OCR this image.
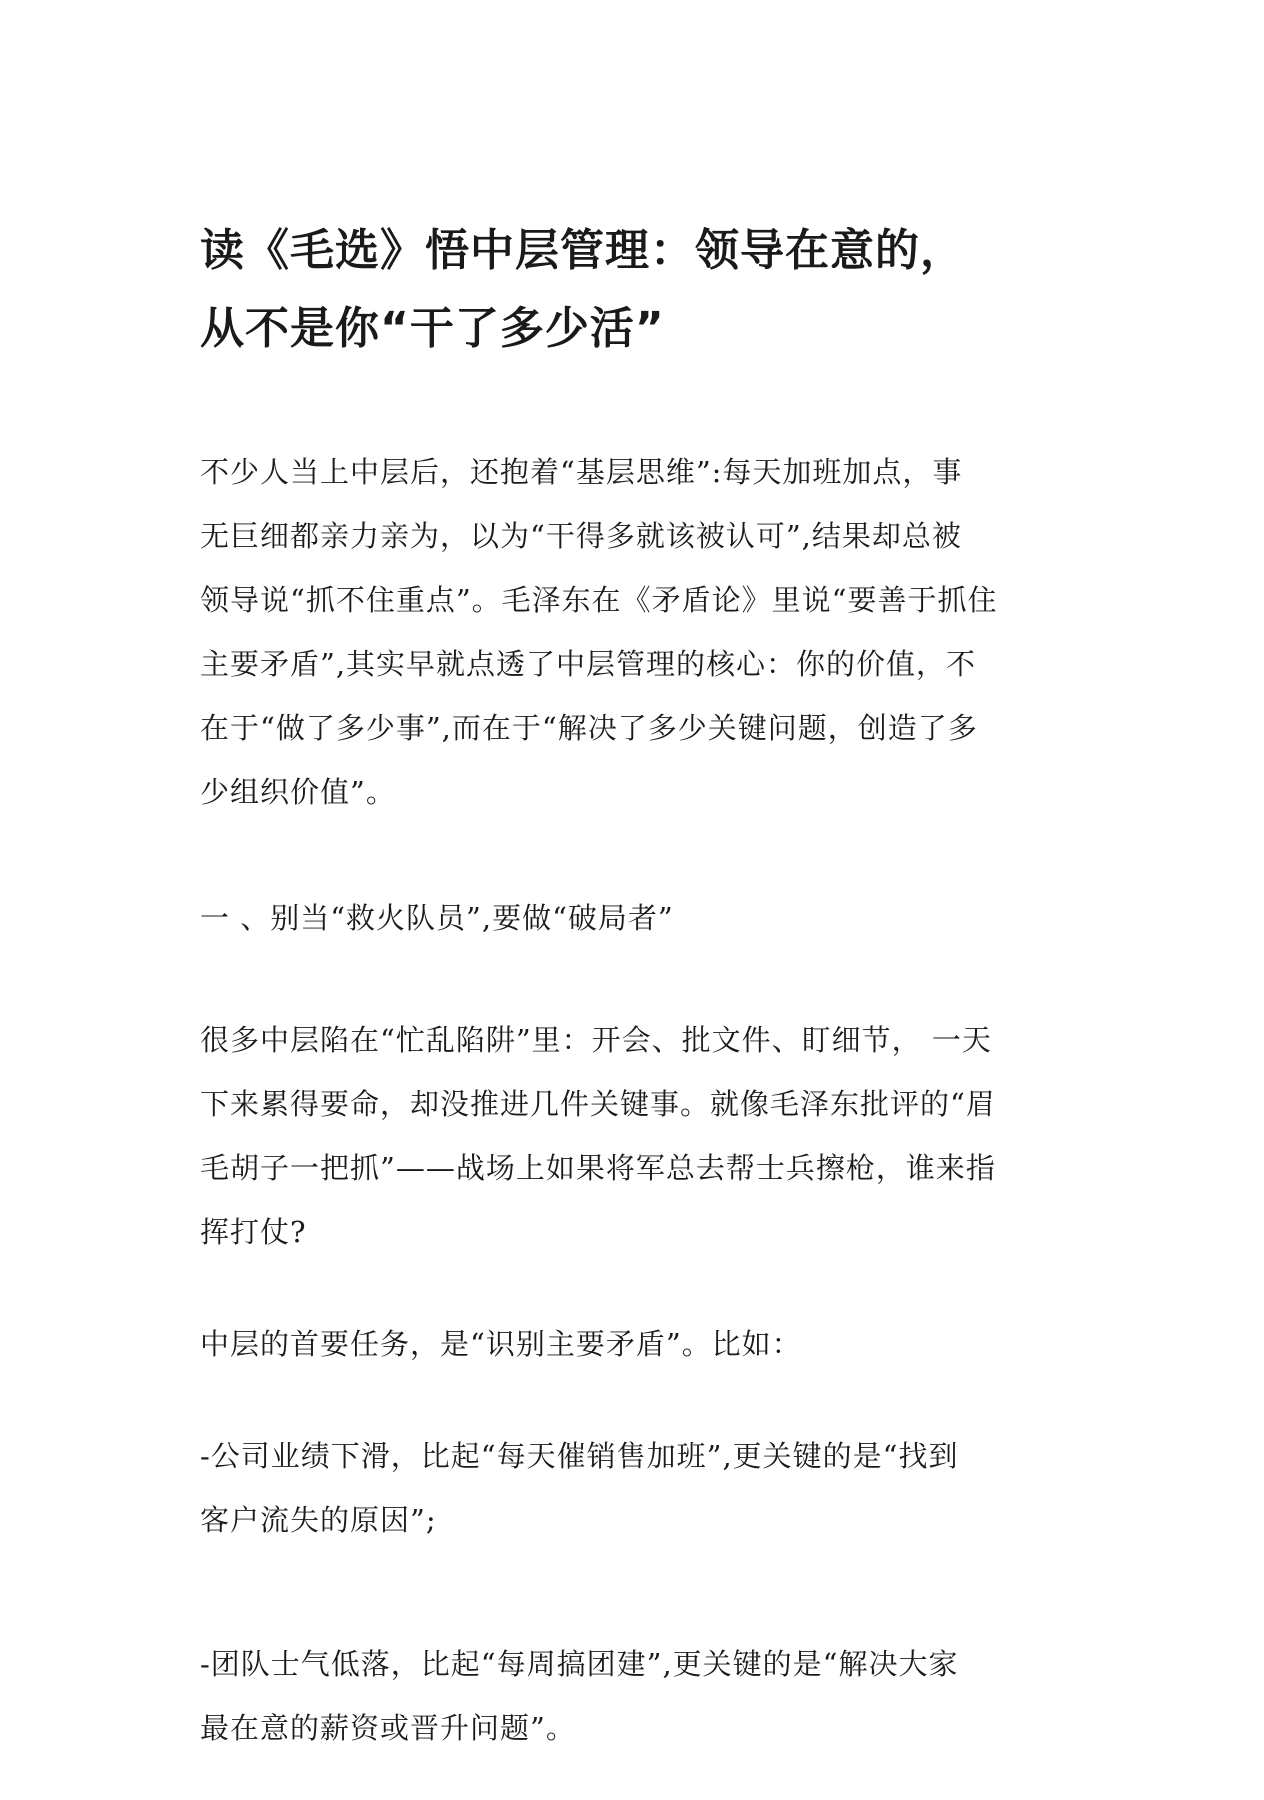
读《毛选》悟中层管理：领导在意的，
从不是你“干了多少活”

不少人当上中层后，还抱着“基层思维”:每天加班加点，事
无巨细都亲力亲为，以为“干得多就该被认可”,结果却总被
领导说“抓不住重点”。毛泽东在《矛盾论》里说“要善于抓住
主要矛盾”,其实早就点透了中层管理的核心：你的价值，不
在于“做了多少事”,而在于“解决了多少关键问题，创造了多
少组织价值”。

一 、别当“救火队员”,要做“破局者”

很多中层陷在“忙乱陷阱”里：开会、批文件、盯细节， 一天
下来累得要命，却没推进几件关键事。就像毛泽东批评的“眉
毛胡子一把抓”——战场上如果将军总去帮士兵擦枪，谁来指
挥打仗?

中层的首要任务，是“识别主要矛盾”。比如：

-公司业绩下滑，比起“每天催销售加班”,更关键的是“找到
客户流失的原因”;

-团队士气低落，比起“每周搞团建”,更关键的是“解决大家
最在意的薪资或晋升问题”。
